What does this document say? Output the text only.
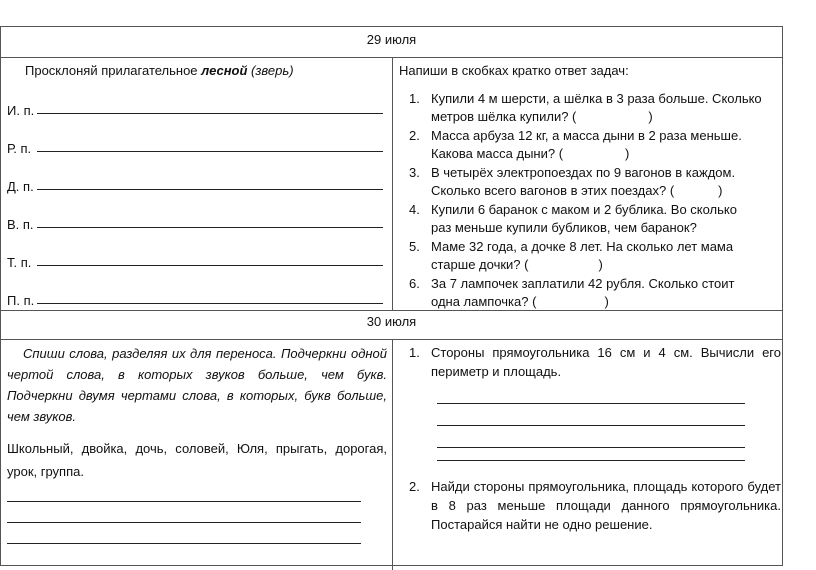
29 июля
Просклоняй прилагательное лесной (зверь)
И. п.
Р. п.
Д. п.
В. п.
Т. п.
П. п.
Напиши в скобках кратко ответ задач:
1. Купили 4 м шерсти, а шёлка в 3 раза больше. Сколько
метров шёлка купили? (	)
2. Масса арбуза 12 кг, а масса дыни в 2 раза меньше.
Какова масса дыни? (	)
3. В четырёх электропоездах по 9 вагонов в каждом.
Сколько всего вагонов в этих поездах? (	)
4. Купили 6 баранок с маком и 2 бублика. Во сколько
раз меньше купили бубликов, чем баранок?
5. Маме 32 года, а дочке 8 лет. На сколько лет мама
старше дочки? (	)
6. За 7 лампочек заплатили 42 рубля. Сколько стоит
одна лампочка? (	)
30 июля
Спиши слова, разделяя их для переноса. Подчеркни одной чертой слова, в которых звуков больше, чем букв. Подчеркни двумя чертами слова, в которых, букв больше, чем звуков.
Школьный, двойка, дочь, соловей, Юля, прыгать, дорогая, урок, группа.
1. Стороны прямоугольника 16 см и 4 см. Вычисли его периметр и площадь.
2. Найди стороны прямоугольника, площадь которого будет в 8 раз меньше площади данного прямоугольника. Постарайся найти не одно решение.
